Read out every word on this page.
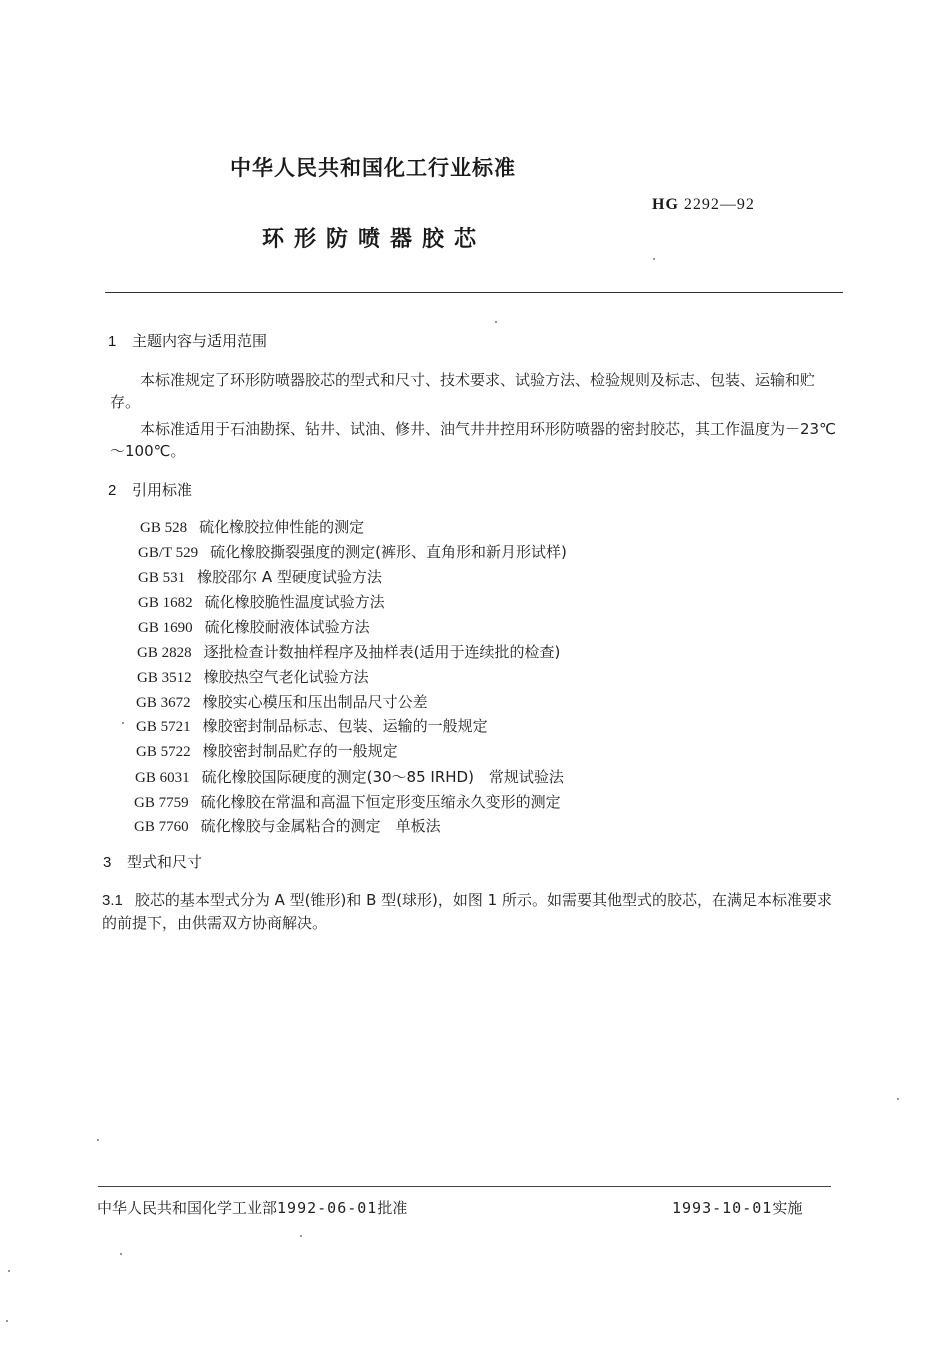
中华人民共和国化工行业标准
HG 2292—92
环形防喷器胶芯
1 主题内容与适用范围
本标准规定了环形防喷器胶芯的型式和尺寸、技术要求、试验方法、检验规则及标志、包装、运输和贮存。
本标准适用于石油勘探、钻井、试油、修井、油气井井控用环形防喷器的密封胶芯，其工作温度为－23℃～100℃。
2 引用标准
GB 528 硫化橡胶拉伸性能的测定
GB/T 529 硫化橡胶撕裂强度的测定(裤形、直角形和新月形试样)
GB 531 橡胶邵尔 A 型硬度试验方法
GB 1682 硫化橡胶脆性温度试验方法
GB 1690 硫化橡胶耐液体试验方法
GB 2828 逐批检查计数抽样程序及抽样表(适用于连续批的检查)
GB 3512 橡胶热空气老化试验方法
GB 3672 橡胶实心模压和压出制品尺寸公差
GB 5721 橡胶密封制品标志、包装、运输的一般规定
GB 5722 橡胶密封制品贮存的一般规定
GB 6031 硫化橡胶国际硬度的测定(30～85 IRHD)　常规试验法
GB 7759 硫化橡胶在常温和高温下恒定形变压缩永久变形的测定
GB 7760 硫化橡胶与金属粘合的测定　单板法
3 型式和尺寸
3.1 胶芯的基本型式分为 A 型(锥形)和 B 型(球形)，如图 1 所示。如需要其他型式的胶芯，在满足本标准要求的前提下，由供需双方协商解决。
中华人民共和国化学工业部1992-06-01批准	1993-10-01实施
